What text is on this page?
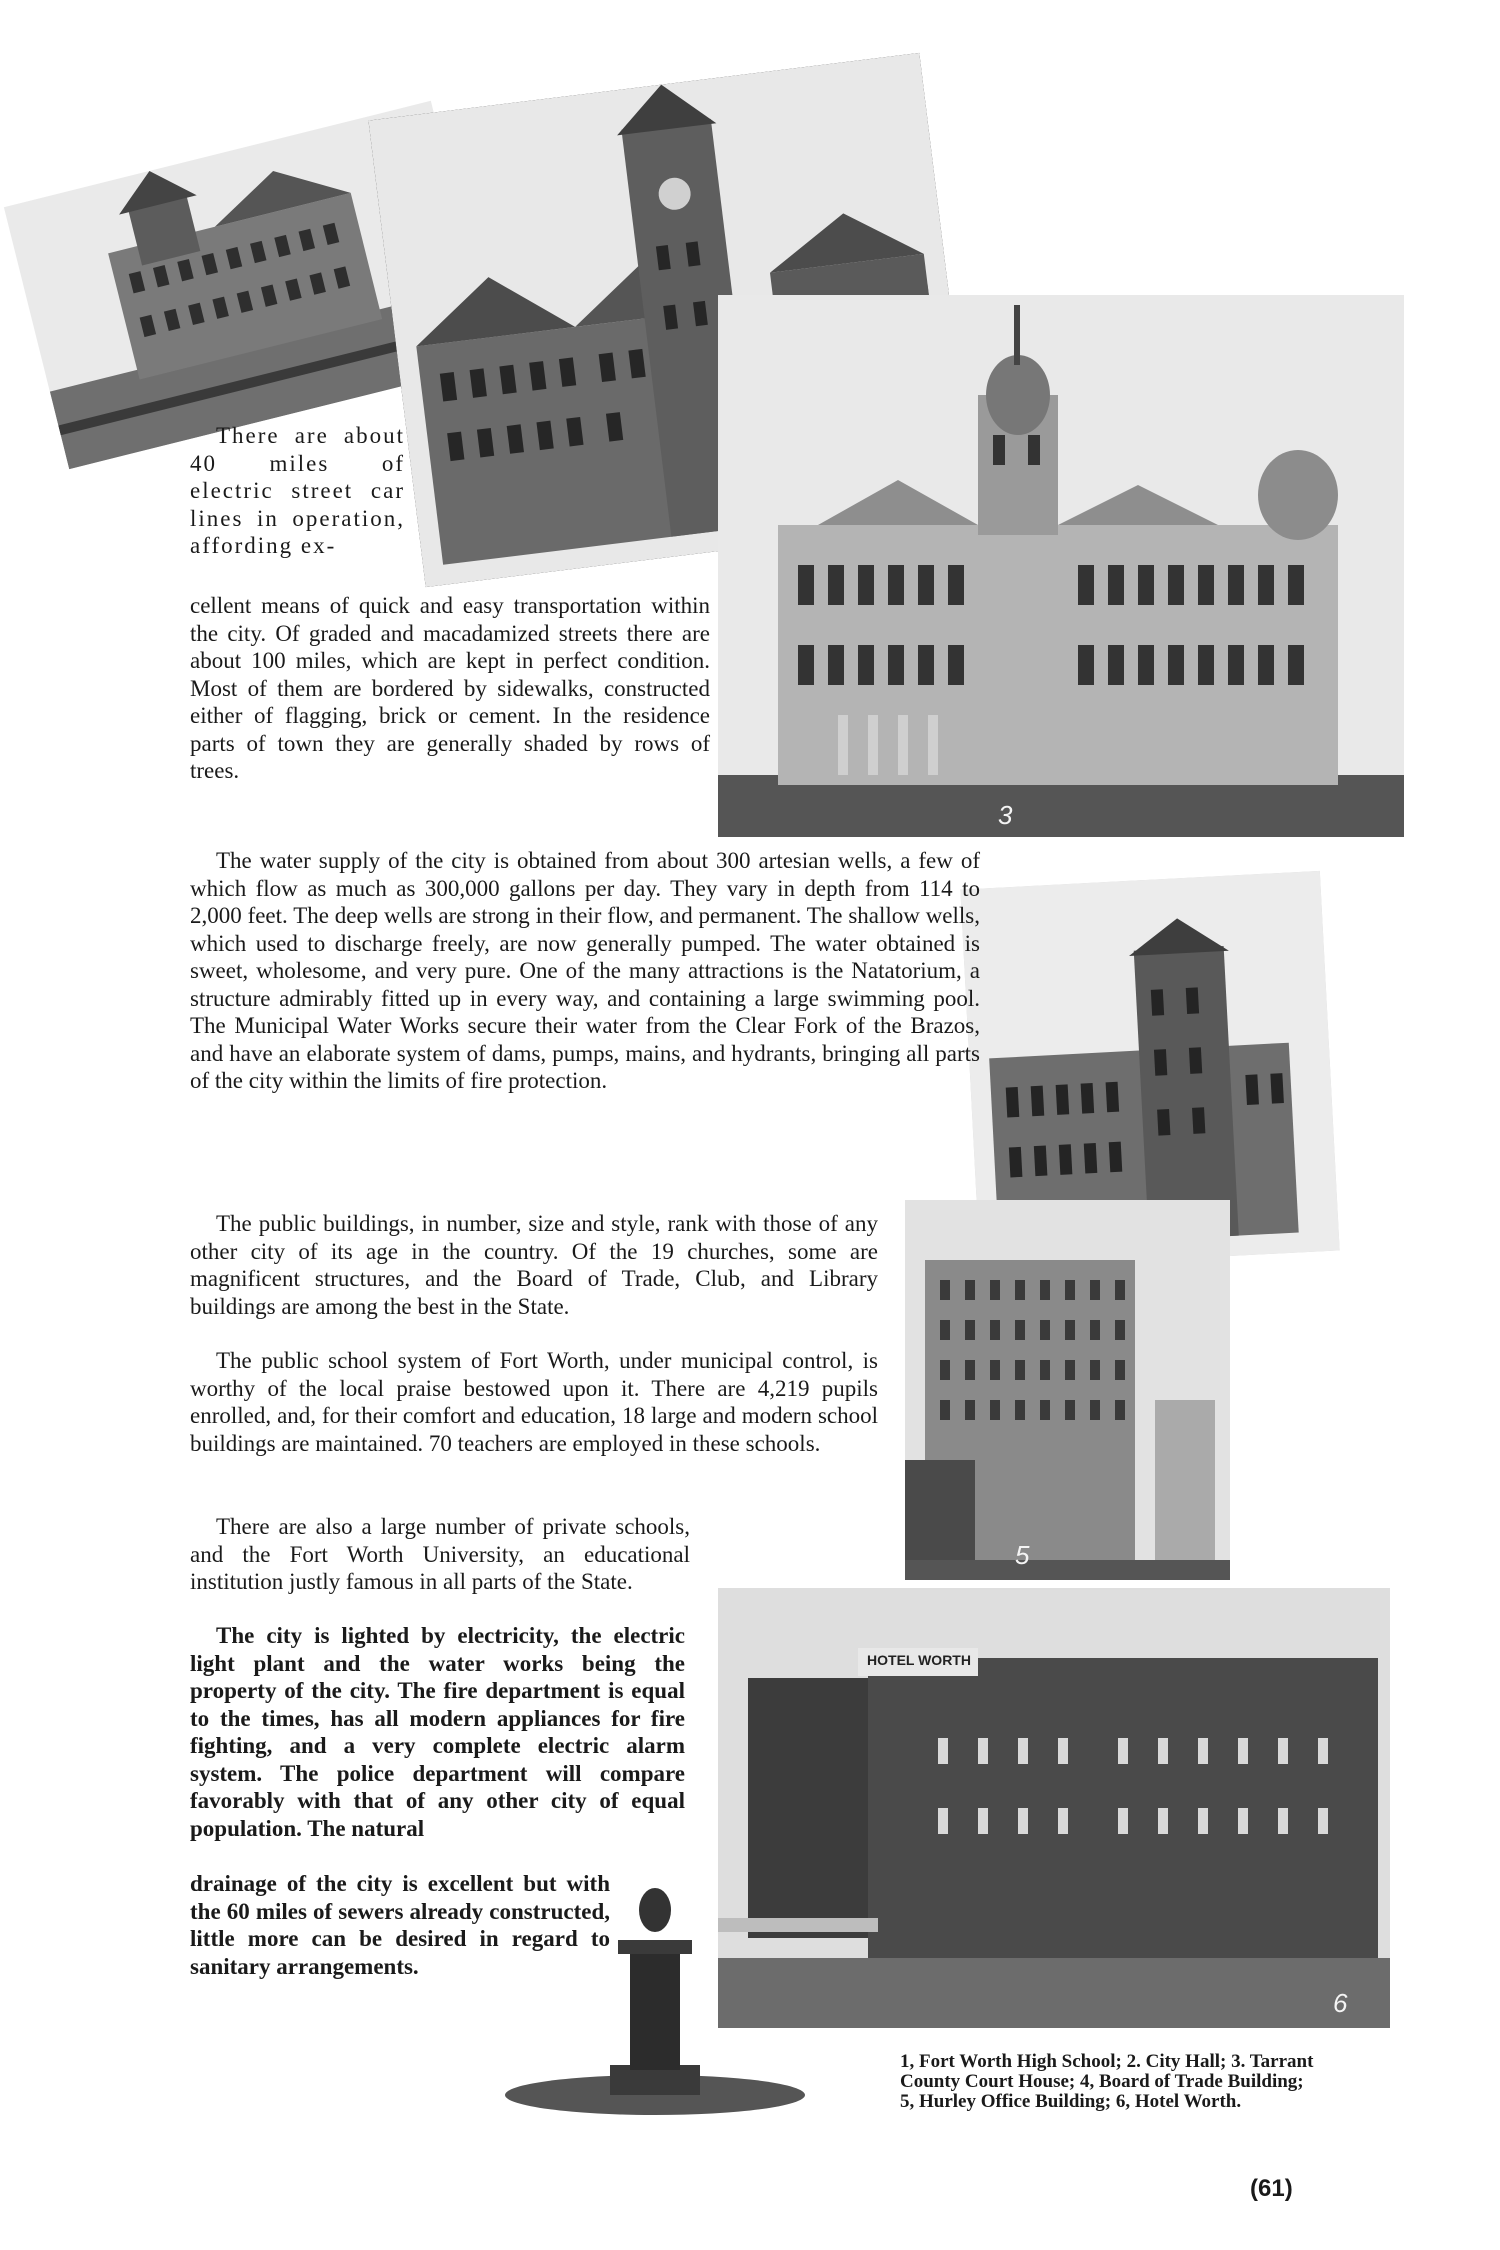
3
5
HOTEL WORTH
6

There are about 40 miles of electric street car lines in operation, affording ex-

cellent means of quick and easy transportation within the city. Of graded and macadamized streets there are about 100 miles, which are kept in perfect condition. Most of them are bordered by sidewalks, constructed either of flagging, brick or cement. In the residence parts of town they are generally shaded by rows of trees.

The water supply of the city is obtained from about 300 artesian wells, a few of which flow as much as 300,000 gallons per day. They vary in depth from 114 to 2,000 feet. The deep wells are strong in their flow, and permanent. The shallow wells, which used to discharge freely, are now generally pumped. The water obtained is sweet, wholesome, and very pure. One of the many attractions is the Natatorium, a structure admirably fitted up in every way, and containing a large swimming pool. The Municipal Water Works secure their water from the Clear Fork of the Brazos, and have an elaborate system of dams, pumps, mains, and hydrants, bringing all parts of the city within the limits of fire protection.

The public buildings, in number, size and style, rank with those of any other city of its age in the country. Of the 19 churches, some are magnificent structures, and the Board of Trade, Club, and Library buildings are among the best in the State.

The public school system of Fort Worth, under municipal control, is worthy of the local praise bestowed upon it. There are 4,219 pupils enrolled, and, for their comfort and education, 18 large and modern school buildings are maintained. 70 teachers are employed in these schools.

There are also a large number of private schools, and the Fort Worth University, an educational institution justly famous in all parts of the State.

The city is lighted by electricity, the electric light plant and the water works being the property of the city. The fire department is equal to the times, has all modern appliances for fire fighting, and a very complete electric alarm system. The police department will compare favorably with that of any other city of equal population. The natural

drainage of the city is excellent but with the 60 miles of sewers already constructed, little more can be desired in regard to sanitary arrangements.

1, Fort Worth High School; 2. City Hall; 3. Tarrant County Court House; 4, Board of Trade Building; 5, Hurley Office Building; 6, Hotel Worth.
(61)
